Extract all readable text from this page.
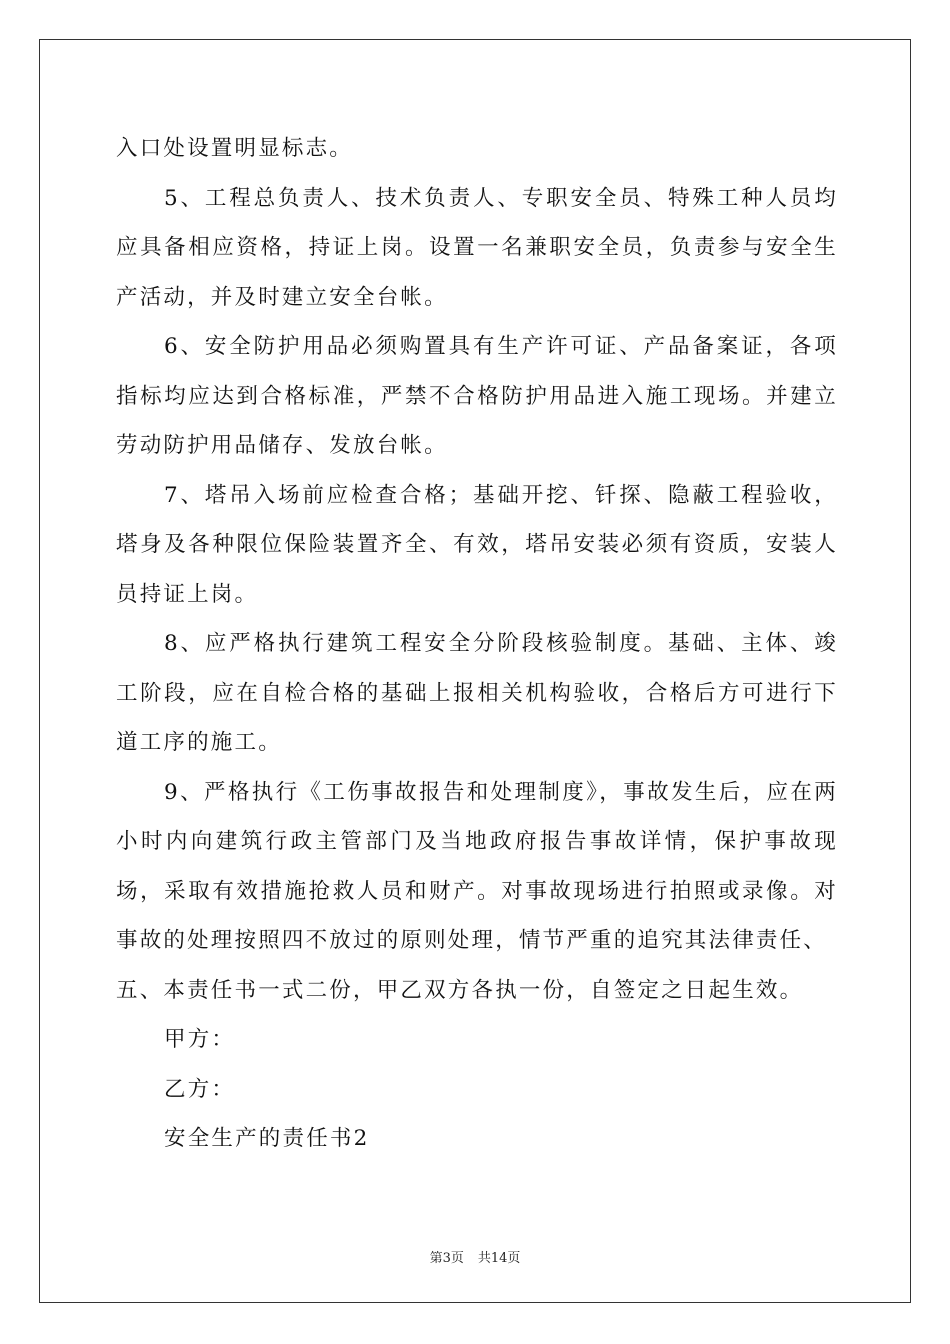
入口处设置明显标志。

5、工程总负责人、技术负责人、专职安全员、特殊工种人员均应具备相应资格，持证上岗。设置一名兼职安全员，负责参与安全生产活动，并及时建立安全台帐。

6、安全防护用品必须购置具有生产许可证、产品备案证，各项指标均应达到合格标准，严禁不合格防护用品进入施工现场。并建立劳动防护用品储存、发放台帐。

7、塔吊入场前应检查合格；基础开挖、钎探、隐蔽工程验收，塔身及各种限位保险装置齐全、有效，塔吊安装必须有资质，安装人员持证上岗。

8、应严格执行建筑工程安全分阶段核验制度。基础、主体、竣工阶段，应在自检合格的基础上报相关机构验收，合格后方可进行下道工序的施工。

9、严格执行《工伤事故报告和处理制度》，事故发生后，应在两小时内向建筑行政主管部门及当地政府报告事故详情，保护事故现场，采取有效措施抢救人员和财产。对事故现场进行拍照或录像。对事故的处理按照四不放过的原则处理，情节严重的追究其法律责任、

五、本责任书一式二份，甲乙双方各执一份，自签定之日起生效。

甲方：

乙方：

安全生产的责任书2

第3页 共14页
